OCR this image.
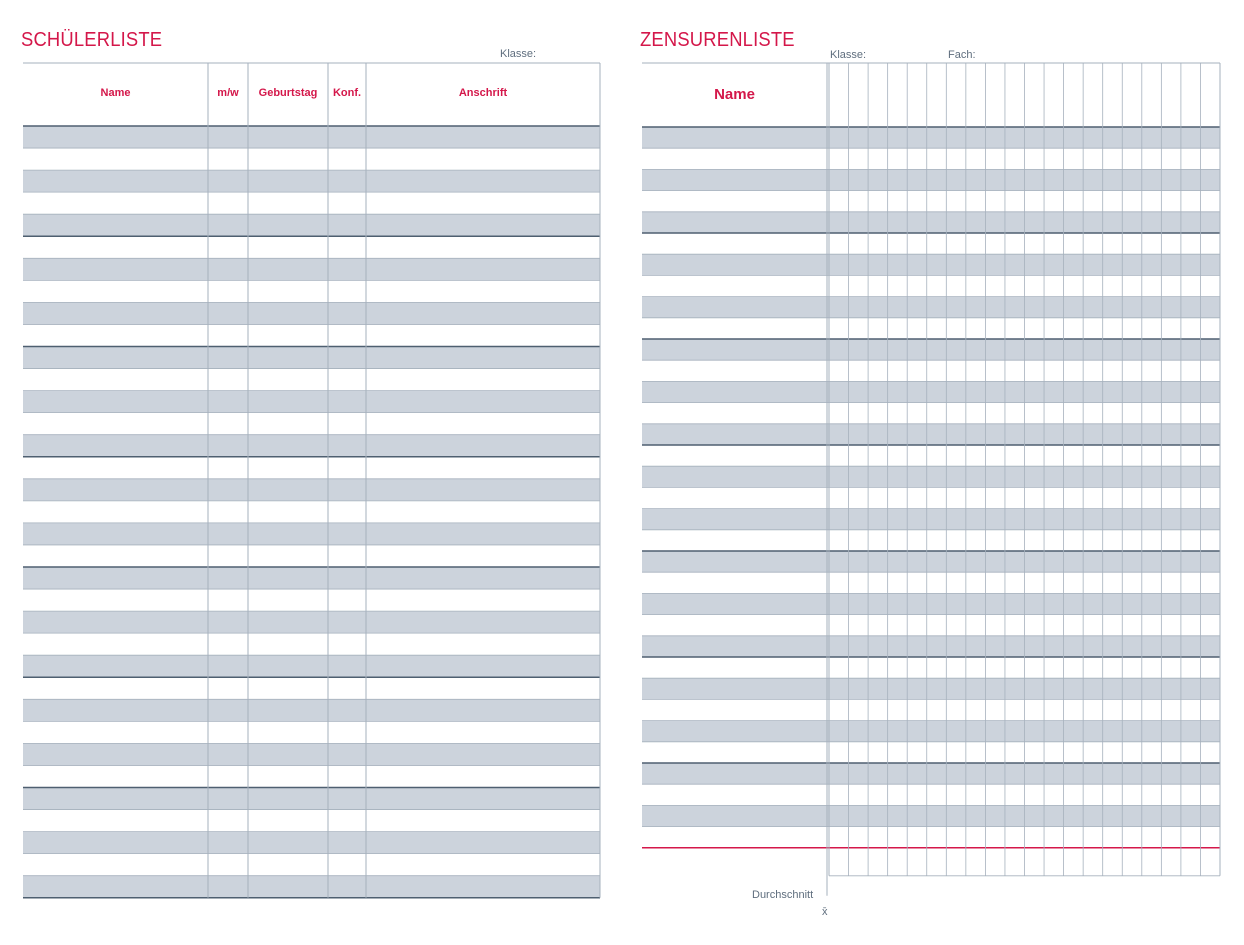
SCHÜLERLISTE
Klasse:
Name	m/w	Geburtstag	Konf.	Anschrift
ZENSURENLISTE
Klasse:	Fach:
Name
Durchschnitt
x̄
